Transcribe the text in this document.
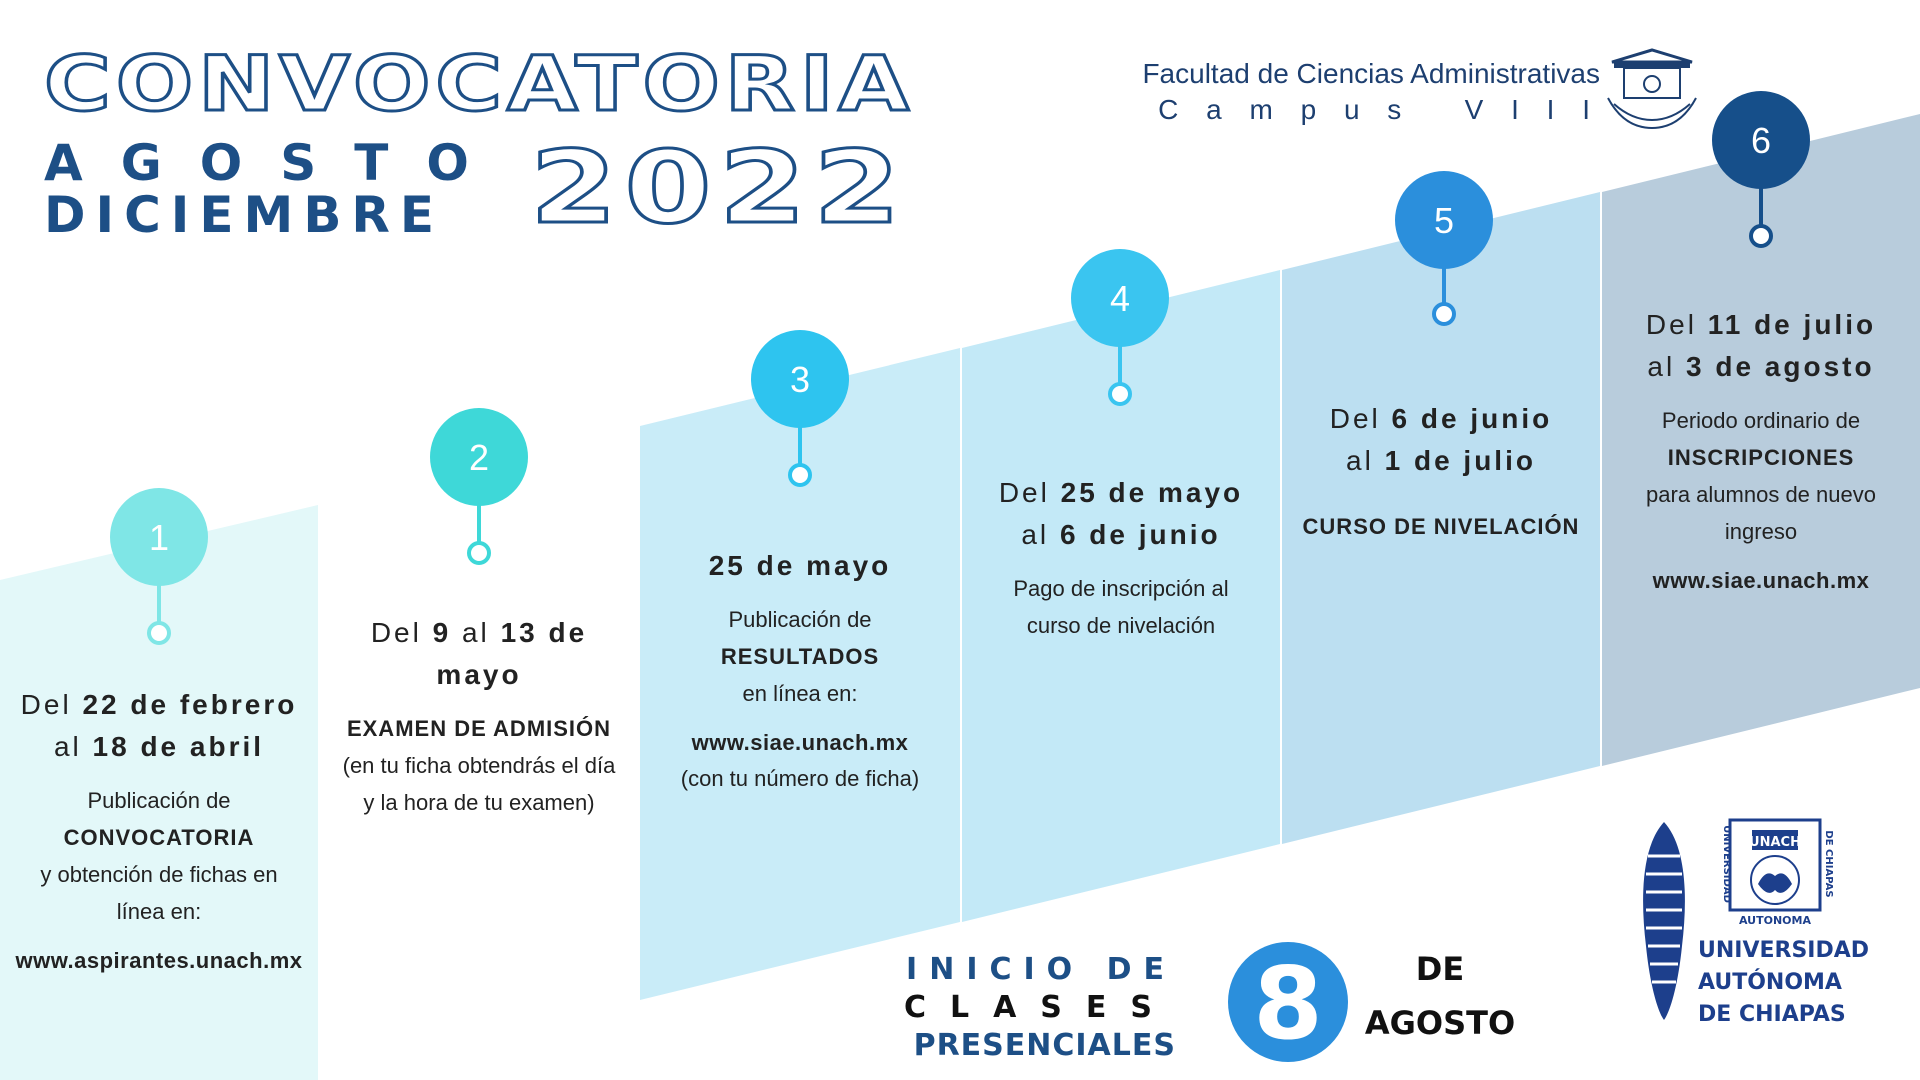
1
2
3
4
5
6
CONVOCATORIA
AGOSTO
DICIEMBRE 2022
Facultad de Ciencias Administrativas
C a m p u s   V I I I
Del 22 de febrero
al 18 de abril
Publicación de
CONVOCATORIA
y obtención de fichas en línea en:
www.aspirantes.unach.mx
Del 9 al 13 de mayo
EXAMEN DE ADMISIÓN
(en tu ficha obtendrás el día y la hora de tu examen)
25 de mayo
Publicación de
RESULTADOS
en línea en:
www.siae.unach.mx
(con tu número de ficha)
Del 25 de mayo
al 6 de junio
Pago de inscripción al curso de nivelación
Del 6 de junio
al 1 de julio
CURSO DE NIVELACIÓN
Del 11 de julio
al 3 de agosto
Periodo ordinario de
INSCRIPCIONES
para alumnos de nuevo ingreso
www.siae.unach.mx
INICIO DE
CLASES
PRESENCIALES 8	DE
AGOSTO
UNACH
UNIVERSIDAD	DE CHIAPAS
AUTONOMA
UNIVERSIDAD
AUTÓNOMA
DE CHIAPAS
